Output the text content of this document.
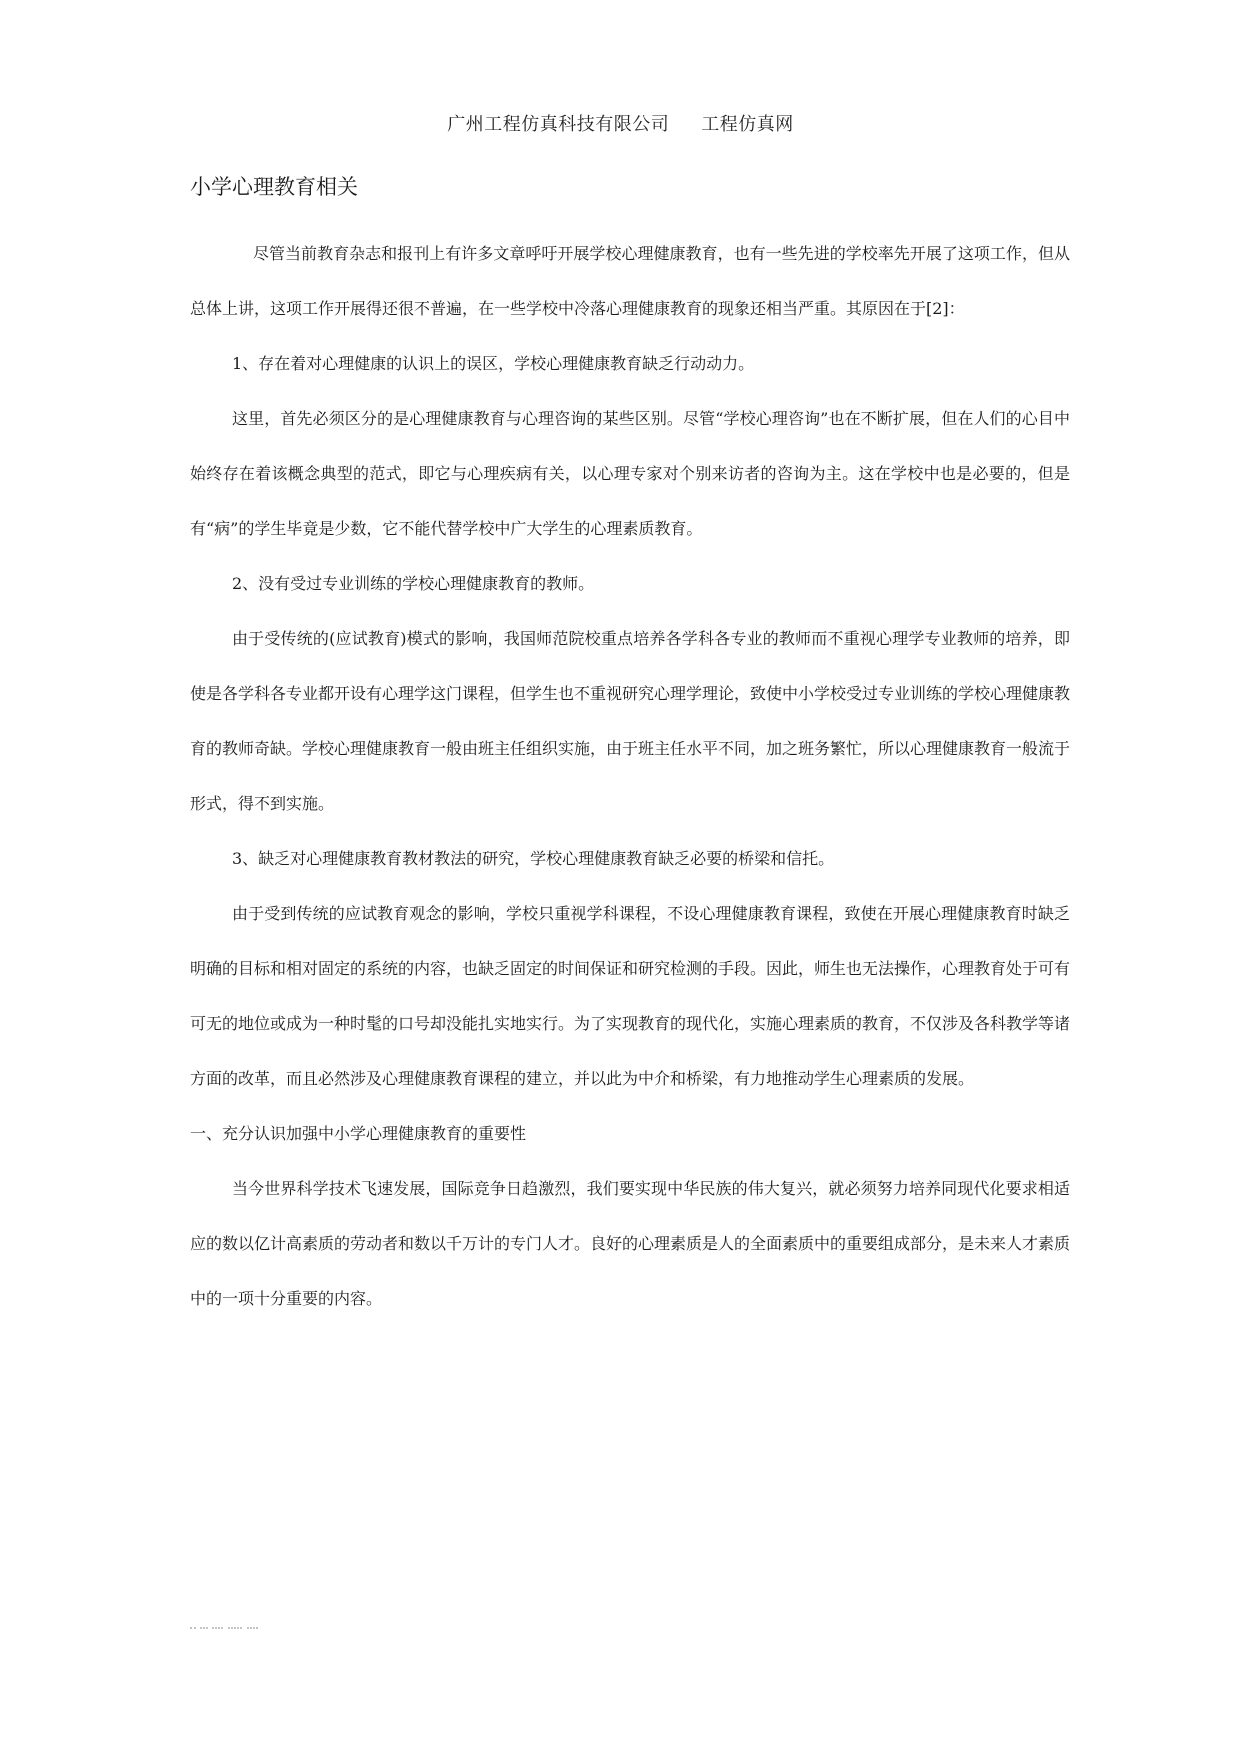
广州工程仿真科技有限公司 工程仿真网

小学心理教育相关

尽管当前教育杂志和报刊上有许多文章呼吁开展学校心理健康教育，也有一些先进的学校率先开展了这项工作，但从总体上讲，这项工作开展得还很不普遍，在一些学校中冷落心理健康教育的现象还相当严重。其原因在于[2]：

1、存在着对心理健康的认识上的误区，学校心理健康教育缺乏行动动力。

这里，首先必须区分的是心理健康教育与心理咨询的某些区别。尽管“学校心理咨询”也在不断扩展，但在人们的心目中始终存在着该概念典型的范式，即它与心理疾病有关，以心理专家对个别来访者的咨询为主。这在学校中也是必要的，但是有“病”的学生毕竟是少数，它不能代替学校中广大学生的心理素质教育。

2、没有受过专业训练的学校心理健康教育的教师。

由于受传统的(应试教育)模式的影响，我国师范院校重点培养各学科各专业的教师而不重视心理学专业教师的培养，即使是各学科各专业都开设有心理学这门课程，但学生也不重视研究心理学理论，致使中小学校受过专业训练的学校心理健康教育的教师奇缺。学校心理健康教育一般由班主任组织实施，由于班主任水平不同，加之班务繁忙，所以心理健康教育一般流于形式，得不到实施。

3、缺乏对心理健康教育教材教法的研究，学校心理健康教育缺乏必要的桥梁和信托。

由于受到传统的应试教育观念的影响，学校只重视学科课程，不设心理健康教育课程，致使在开展心理健康教育时缺乏明确的目标和相对固定的系统的内容，也缺乏固定的时间保证和研究检测的手段。因此，师生也无法操作，心理教育处于可有可无的地位或成为一种时髦的口号却没能扎实地实行。为了实现教育的现代化，实施心理素质的教育，不仅涉及各科教学等诸方面的改革，而且必然涉及心理健康教育课程的建立，并以此为中介和桥梁，有力地推动学生心理素质的发展。

一、充分认识加强中小学心理健康教育的重要性

当今世界科学技术飞速发展，国际竞争日趋激烈，我们要实现中华民族的伟大复兴，就必须努力培养同现代化要求相适应的数以亿计高素质的劳动者和数以千万计的专门人才。良好的心理素质是人的全面素质中的重要组成部分，是未来人才素质中的一项十分重要的内容。
